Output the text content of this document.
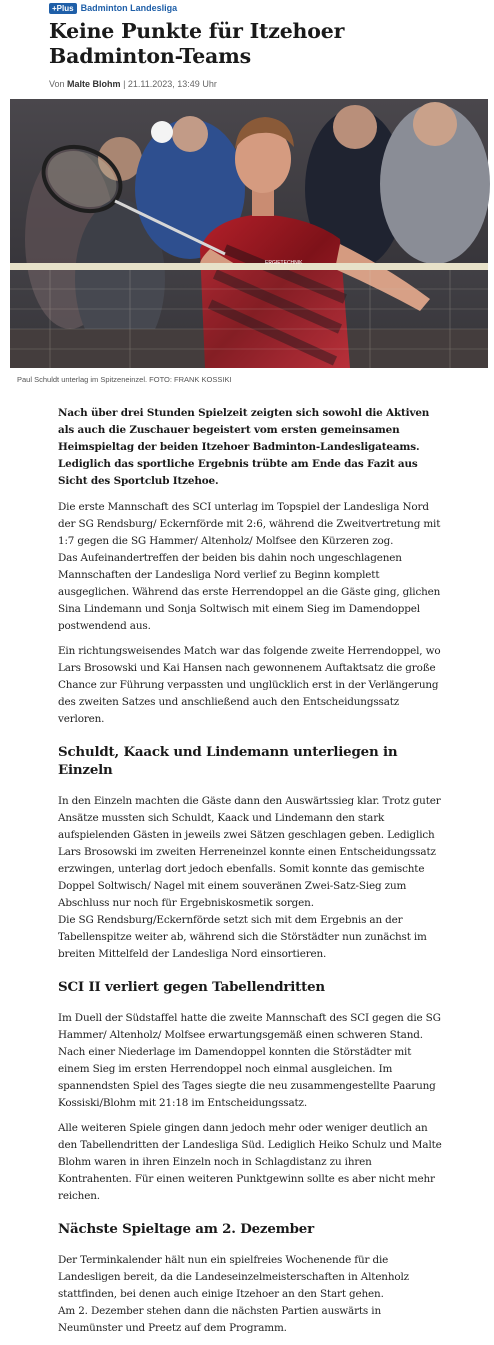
+Plus Badminton Landesliga
Keine Punkte für Itzehoer Badminton-Teams
Von Malte Blohm | 21.11.2023, 13:49 Uhr
ERGIETECHNIK
Paul Schuldt unterlag im Spitzeneinzel. FOTO: FRANK KOSSIKI

Nach über drei Stunden Spielzeit zeigten sich sowohl die Aktiven als auch die Zuschauer begeistert vom ersten gemeinsamen Heimspieltag der beiden Itzehoer Badminton-Landesligateams. Lediglich das sportliche Ergebnis trübte am Ende das Fazit aus Sicht des Sportclub Itzehoe.

Die erste Mannschaft des SCI unterlag im Topspiel der Landesliga Nord der SG Rendsburg/ Eckernförde mit 2:6, während die Zweitvertretung mit 1:7 gegen die SG Hammer/ Altenholz/ Molfsee den Kürzeren zog.
Das Aufeinandertreffen der beiden bis dahin noch ungeschlagenen Mannschaften der Landesliga Nord verlief zu Beginn komplett ausgeglichen. Während das erste Herrendoppel an die Gäste ging, glichen Sina Lindemann und Sonja Soltwisch mit einem Sieg im Damendoppel postwendend aus.

Ein richtungsweisendes Match war das folgende zweite Herrendoppel, wo Lars Brosowski und Kai Hansen nach gewonnenem Auftaktsatz die große Chance zur Führung verpassten und unglücklich erst in der Verlängerung des zweiten Satzes und anschließend auch den Entscheidungssatz verloren.

Schuldt, Kaack und Lindemann unterliegen in Einzeln

In den Einzeln machten die Gäste dann den Auswärtssieg klar. Trotz guter Ansätze mussten sich Schuldt, Kaack und Lindemann den stark aufspielenden Gästen in jeweils zwei Sätzen geschlagen geben. Lediglich Lars Brosowski im zweiten Herreneinzel konnte einen Entscheidungssatz erzwingen, unterlag dort jedoch ebenfalls. Somit konnte das gemischte Doppel Soltwisch/ Nagel mit einem souveränen Zwei-Satz-Sieg zum Abschluss nur noch für Ergebniskosmetik sorgen.
Die SG Rendsburg/Eckernförde setzt sich mit dem Ergebnis an der Tabellenspitze weiter ab, während sich die Störstädter nun zunächst im breiten Mittelfeld der Landesliga Nord einsortieren.

SCI II verliert gegen Tabellendritten

Im Duell der Südstaffel hatte die zweite Mannschaft des SCI gegen die SG Hammer/ Altenholz/ Molfsee erwartungsgemäß einen schweren Stand. Nach einer Niederlage im Damendoppel konnten die Störstädter mit einem Sieg im ersten Herrendoppel noch einmal ausgleichen. Im spannendsten Spiel des Tages siegte die neu zusammengestellte Paarung Kossiski/Blohm mit 21:18 im Entscheidungssatz.

Alle weiteren Spiele gingen dann jedoch mehr oder weniger deutlich an den Tabellendritten der Landesliga Süd. Lediglich Heiko Schulz und Malte Blohm waren in ihren Einzeln noch in Schlagdistanz zu ihren Kontrahenten. Für einen weiteren Punktgewinn sollte es aber nicht mehr reichen.

Nächste Spieltage am 2. Dezember

Der Terminkalender hält nun ein spielfreies Wochenende für die Landesligen bereit, da die Landeseinzelmeisterschaften in Altenholz stattfinden, bei denen auch einige Itzehoer an den Start gehen.
Am 2. Dezember stehen dann die nächsten Partien auswärts in Neumünster und Preetz auf dem Programm.
